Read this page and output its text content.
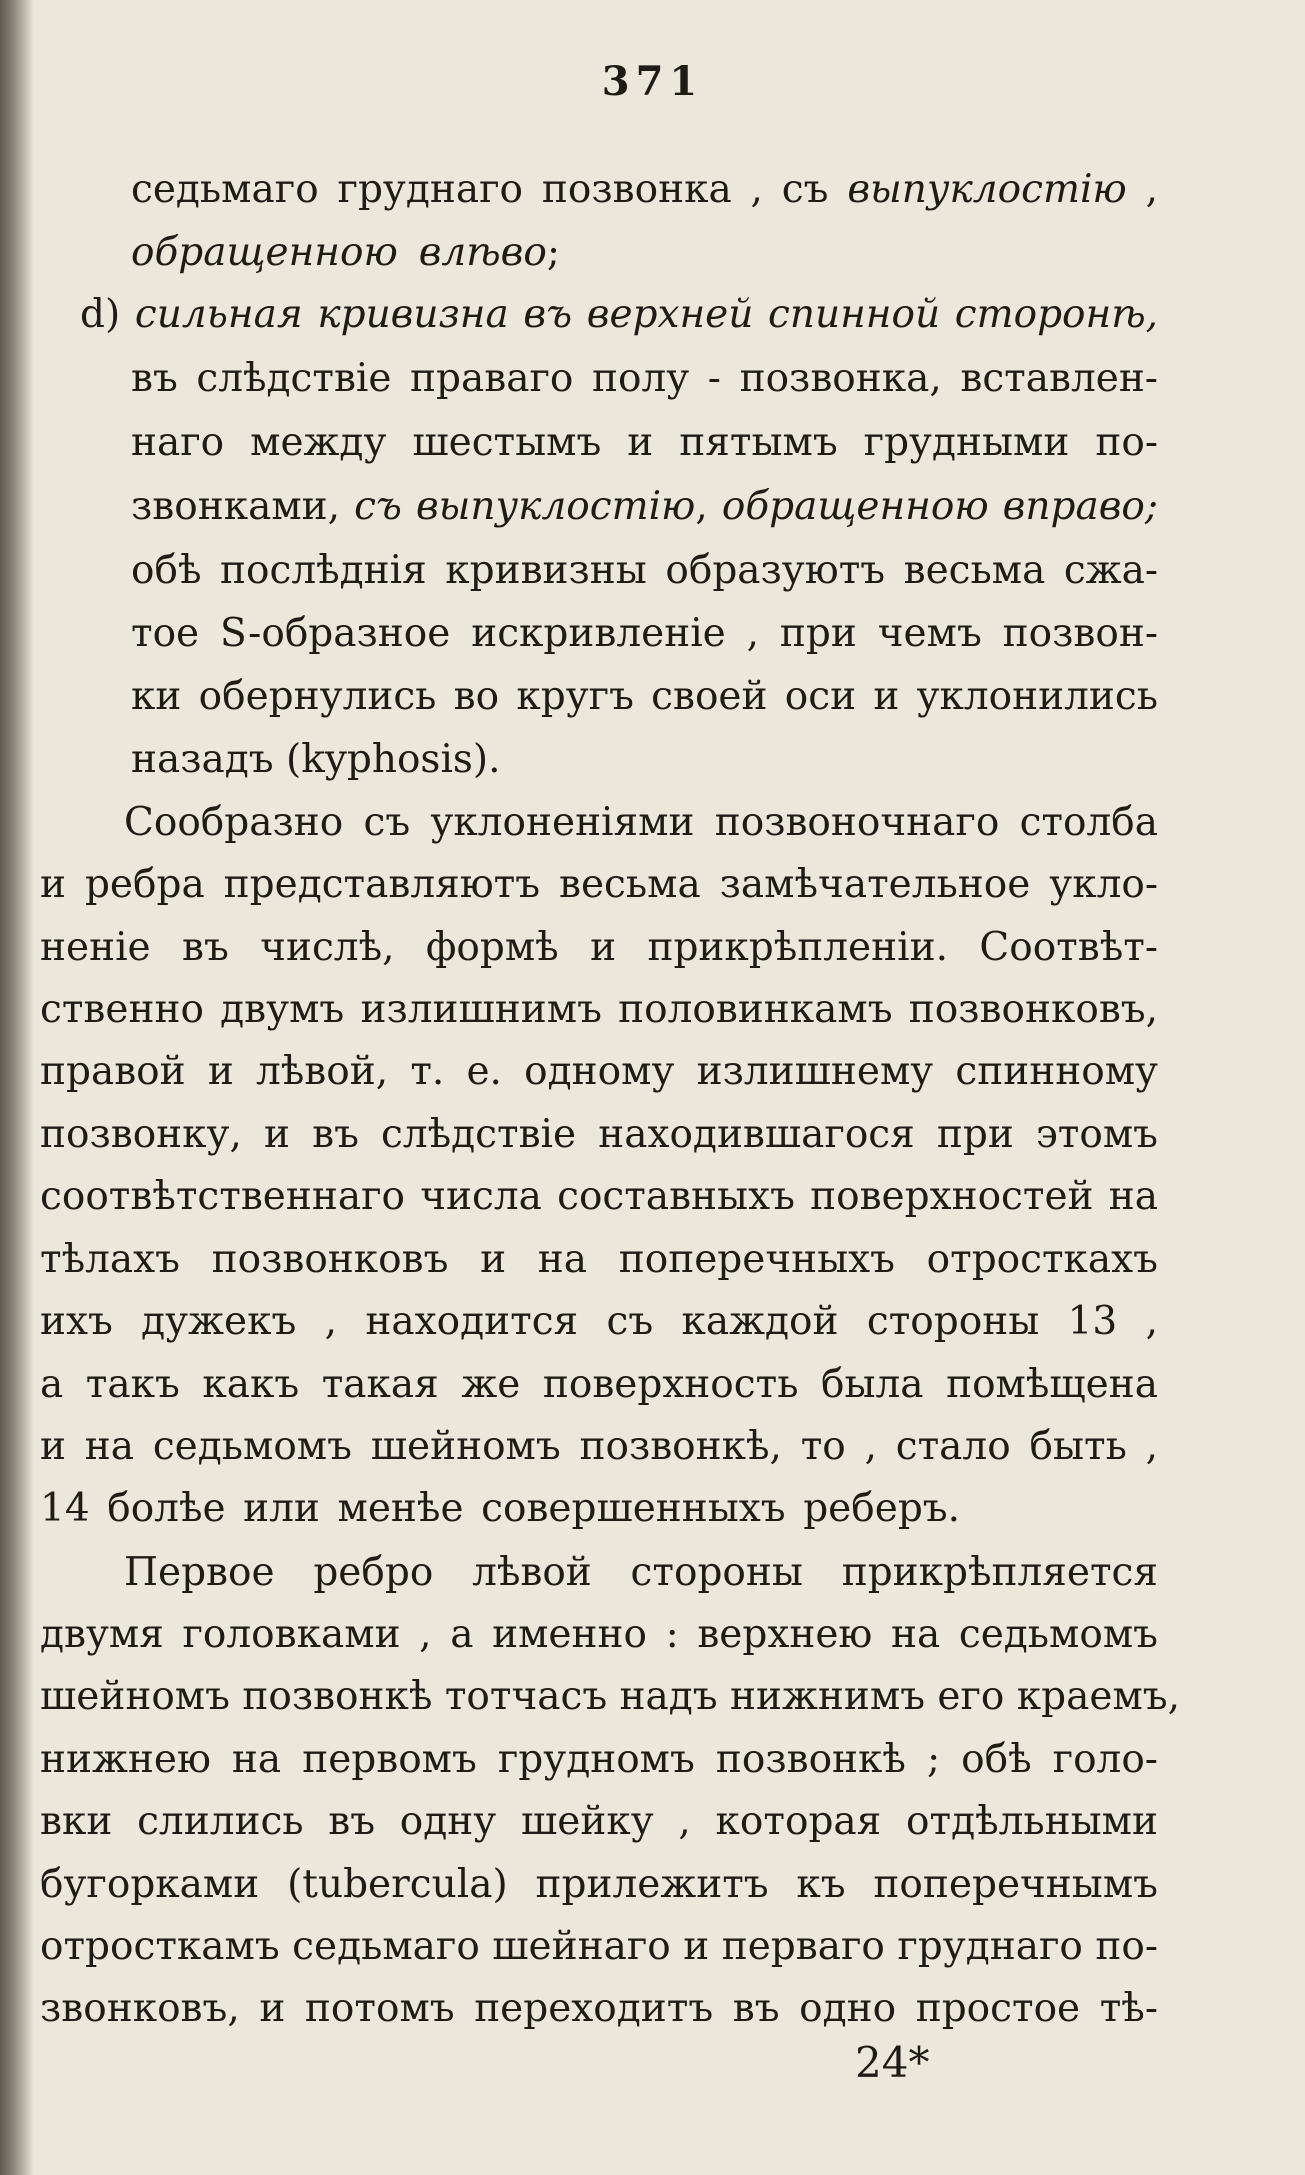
371
седьмаго груднаго позвонка , съ выпуклостію ,
обращенною влѣво;
d) сильная кривизна въ верхней спинной сторонѣ,
въ слѣдствіе праваго полу - позвонка, вставлен-
наго между шестымъ и пятымъ грудными по-
звонками, съ выпуклостію, обращенною вправо;
обѣ послѣднія кривизны образуютъ весьма сжа-
тое S-образное искривленіе , при чемъ позвон-
ки обернулись во кругъ своей оси и уклонились
назадъ (kyphosis).
Сообразно съ уклоненіями позвоночнаго столба
и ребра представляютъ весьма замѣчательное укло-
неніе въ числѣ, формѣ и прикрѣпленіи. Соотвѣт-
ственно двумъ излишнимъ половинкамъ позвонковъ,
правой и лѣвой, т. е. одному излишнему спинному
позвонку, и въ слѣдствіе находившагося при этомъ
соотвѣтственнаго числа составныхъ поверхностей на
тѣлахъ позвонковъ и на поперечныхъ отросткахъ
ихъ дужекъ , находится съ каждой стороны 13 ,
а такъ какъ такая же поверхность была помѣщена
и на седьмомъ шейномъ позвонкѣ, то , стало быть ,
14 болѣе или менѣе совершенныхъ реберъ.
Первое ребро лѣвой стороны прикрѣпляется
двумя головками , а именно : верхнею на седьмомъ
шейномъ позвонкѣ тотчасъ надъ нижнимъ его краемъ,
нижнею на первомъ грудномъ позвонкѣ ; обѣ голо-
вки слились въ одну шейку , которая отдѣльными
бугорками (tubercula) прилежитъ къ поперечнымъ
отросткамъ седьмаго шейнаго и перваго груднаго по-
звонковъ, и потомъ переходитъ въ одно простое тѣ-
24*
